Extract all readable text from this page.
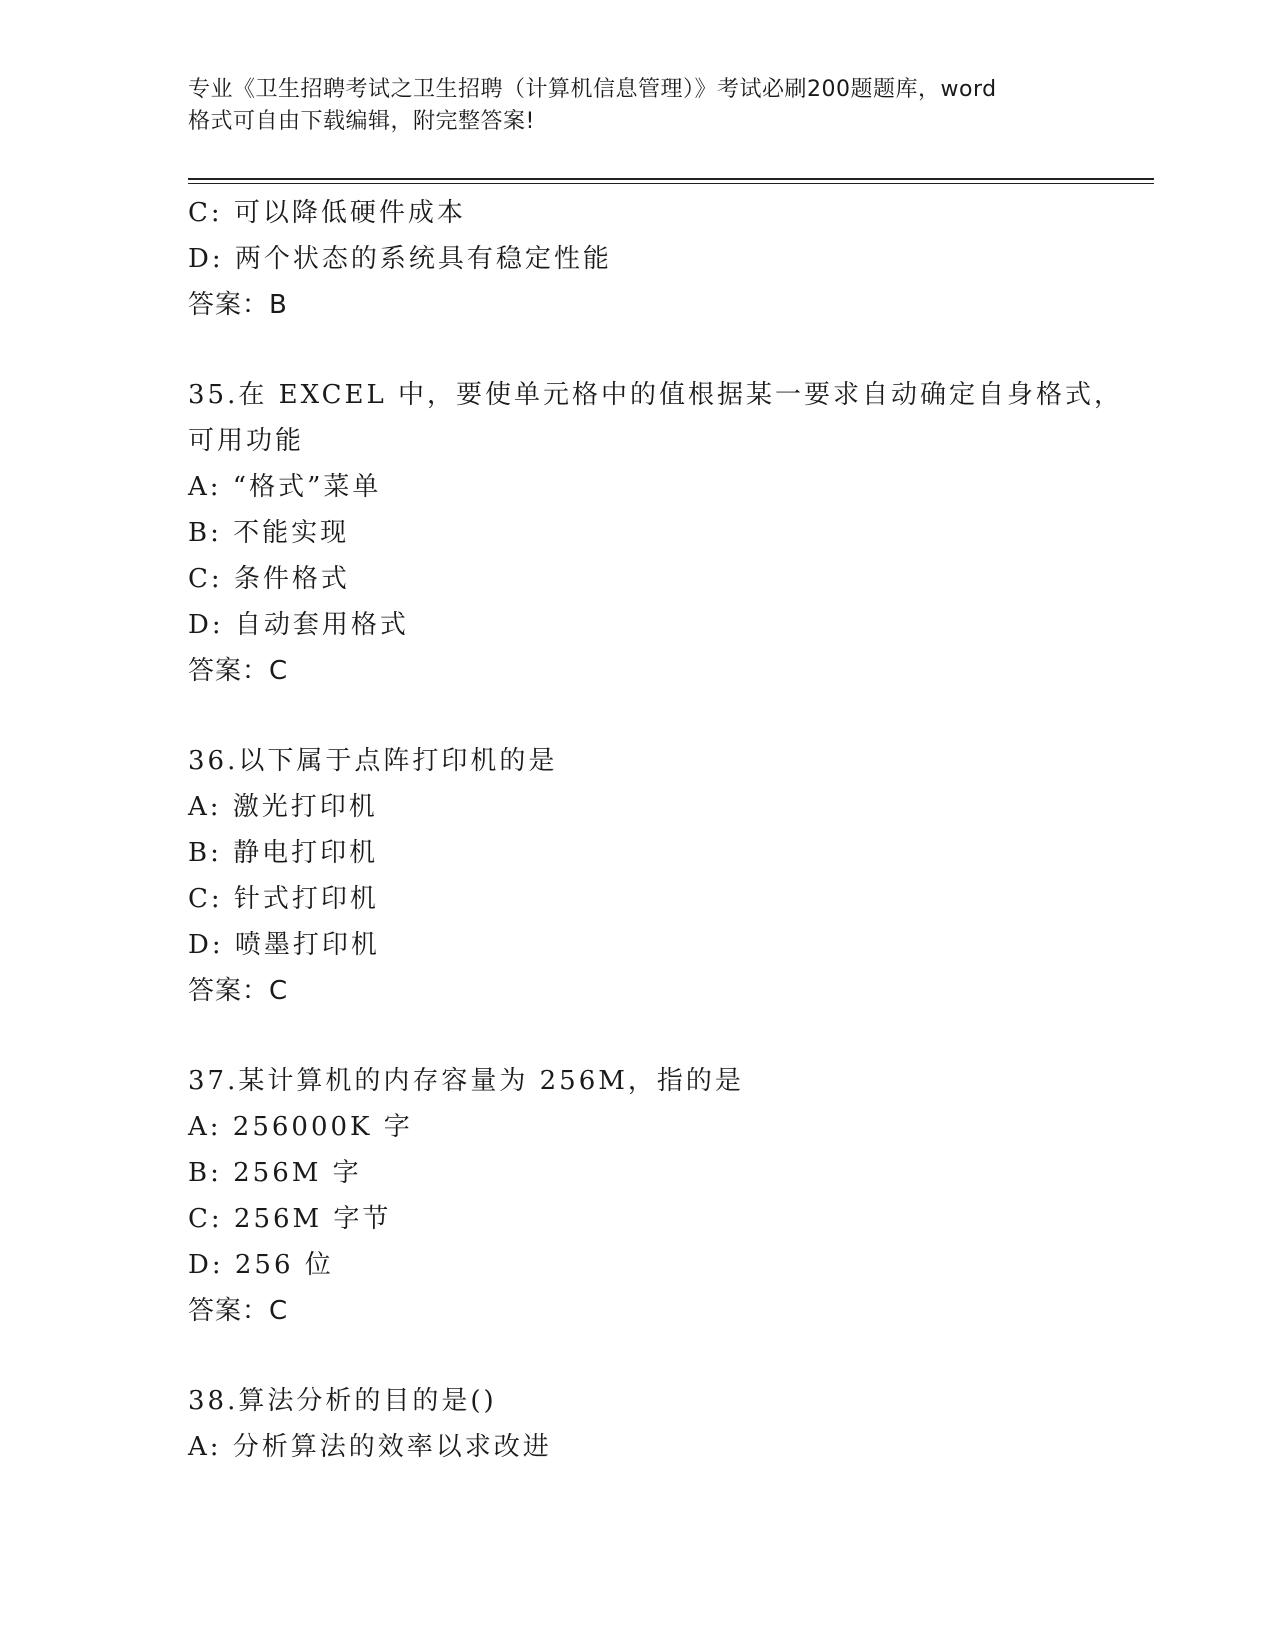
专业《卫生招聘考试之卫生招聘（计算机信息管理）》考试必刷200题题库，word
格式可自由下载编辑，附完整答案!
C: 可以降低硬件成本
D: 两个状态的系统具有稳定性能
答案：B
35.在 EXCEL 中，要使单元格中的值根据某一要求自动确定自身格式，
可用功能
A: “格式”菜单
B: 不能实现
C: 条件格式
D: 自动套用格式
答案：C
36.以下属于点阵打印机的是
A: 激光打印机
B: 静电打印机
C: 针式打印机
D: 喷墨打印机
答案：C
37.某计算机的内存容量为 256M，指的是
A: 256000K 字
B: 256M 字
C: 256M 字节
D: 256 位
答案：C
38.算法分析的目的是()
A: 分析算法的效率以求改进
